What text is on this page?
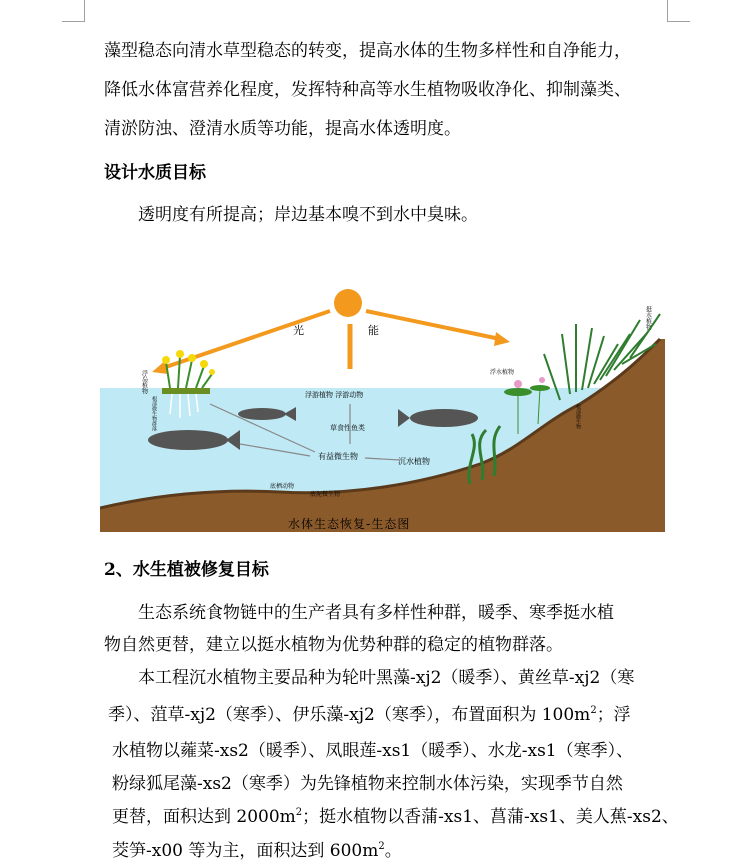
藻型稳态向清水草型稳态的转变，提高水体的生物多样性和自净能力，
降低水体富营养化程度，发挥特种高等水生植物吸收净化、抑制藻类、
清淤防浊、澄清水质等功能，提高水体透明度。
设计水质目标
透明度有所提高；岸边基本嗅不到水中臭味。
光	能
浮岛植物
根部微生物群落
浮游植物 浮游动物
草食性鱼类
有益微生物
沉水植物
底栖动物
底泥微生物
浮水植物
根部微生物
挺水植物
水体生态恢复-生态图
2、水生植被修复目标
生态系统食物链中的生产者具有多样性种群，暖季、寒季挺水植
物自然更替，建立以挺水植物为优势种群的稳定的植物群落。
本工程沉水植物主要品种为轮叶黑藻-xj2（暖季）、黄丝草-xj2（寒
季）、菹草-xj2（寒季）、伊乐藻-xj2（寒季），布置面积为 $100m^2$；浮
水植物以蕹菜-xs2（暖季）、凤眼莲-xs1（暖季）、水龙-xs1（寒季）、
粉绿狐尾藻-xs2（寒季）为先锋植物来控制水体污染，实现季节自然
更替，面积达到 $2000m^2$；挺水植物以香蒲-xs1、菖蒲-xs1、美人蕉-xs2、
茭笋-x00 等为主，面积达到 $600m^2$。
